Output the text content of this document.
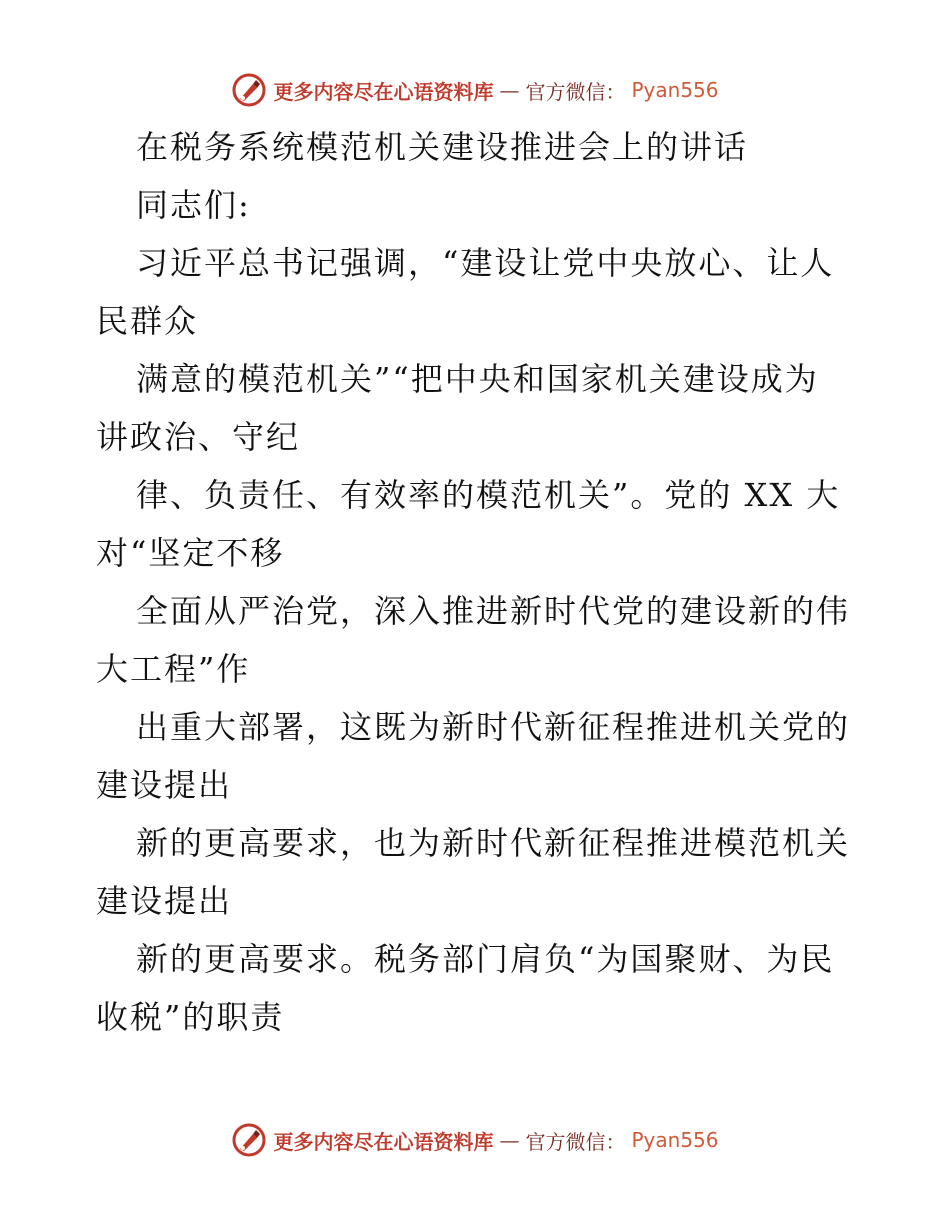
更多内容尽在心语资料库 — 官方微信： Pyan556
在税务系统模范机关建设推进会上的讲话
同志们:
习近平总书记强调，“建设让党中央放心、让人
民群众
满意的模范机关”“把中央和国家机关建设成为
讲政治、守纪
律、负责任、有效率的模范机关”。党的 XX 大
对“坚定不移
全面从严治党，深入推进新时代党的建设新的伟
大工程”作
出重大部署，这既为新时代新征程推进机关党的
建设提出
新的更高要求，也为新时代新征程推进模范机关
建设提出
新的更高要求。税务部门肩负“为国聚财、为民
收税”的职责
更多内容尽在心语资料库 — 官方微信： Pyan556
